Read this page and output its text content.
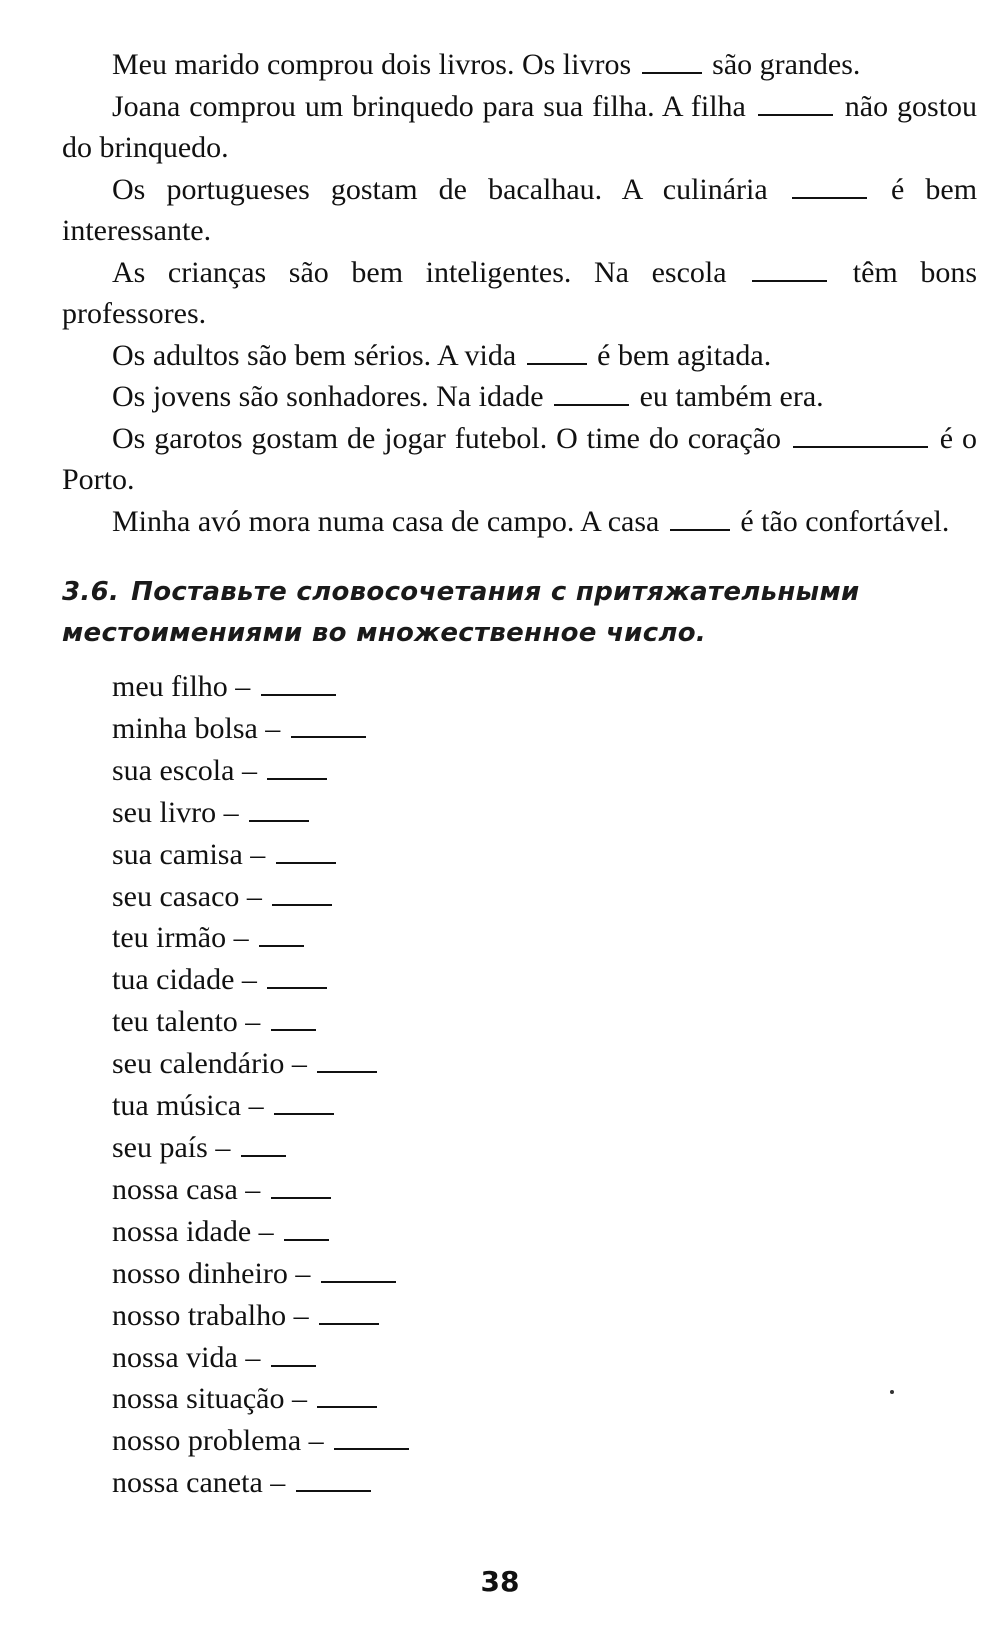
Meu marido comprou dois livros. Os livros	são grandes.

Joana comprou um brinquedo para sua filha. A filha	não gostou do brinquedo.

Os portugueses gostam de bacalhau. A culinária	é bem interessante.

As crianças são bem inteligentes. Na escola	têm bons professores.

Os adultos são bem sérios. A vida	é bem agitada.

Os jovens são sonhadores. Na idade	eu também era.

Os garotos gostam de jogar futebol. O time do coração	é o Porto.

Minha avó mora numa casa de campo. A casa	é tão confortável.

3.6. Поставьте словосочетания с притяжательными местоимениями во множественное число.
meu filho –
minha bolsa –
sua escola –
seu livro –
sua camisa –
seu casaco –
teu irmão –
tua cidade –
teu talento –
seu calendário –
tua música –
seu país –
nossa casa –
nossa idade –
nosso dinheiro –
nosso trabalho –
nossa vida –
nossa situação –
nosso problema –
nossa caneta –
38
